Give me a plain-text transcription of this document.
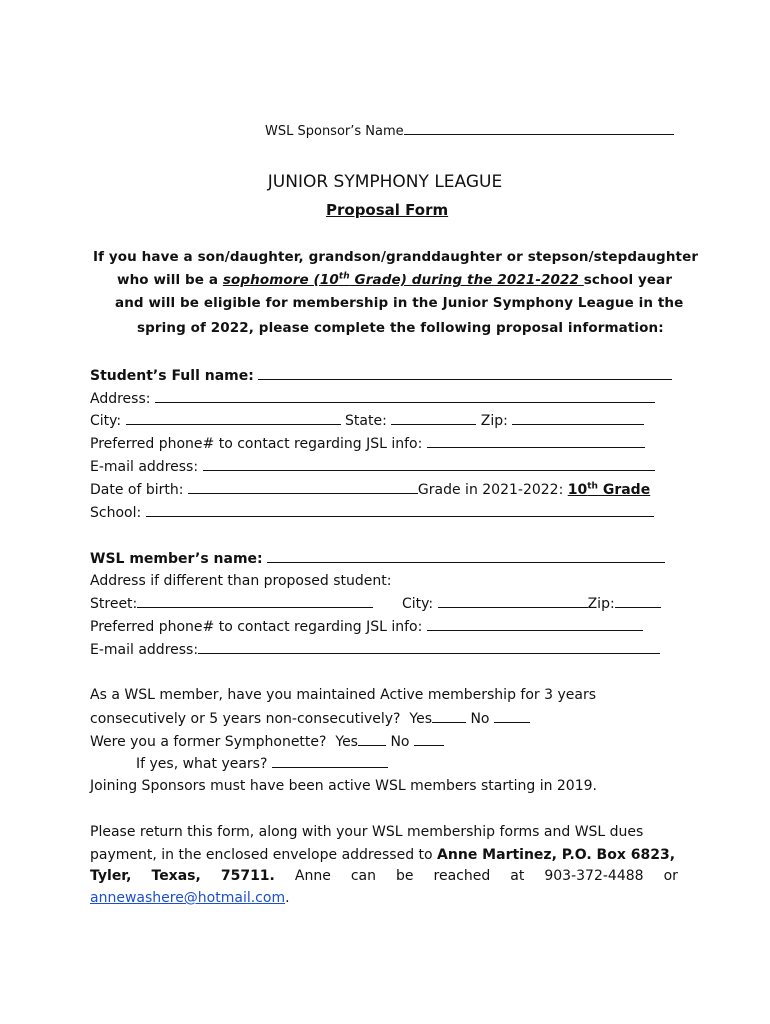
WSL Sponsor’s Name
JUNIOR SYMPHONY LEAGUE
Proposal Form
If you have a son/daughter, grandson/granddaughter or stepson/stepdaughter
who will be a sophomore (10th Grade) during the 2021-2022 school year
and will be eligible for membership in the Junior Symphony League in the
spring of 2022, please complete the following proposal information:
Student’s Full name:
Address:
City:	State:	Zip:
Preferred phone# to contact regarding JSL info:
E-mail address:
Date of birth:	Grade in 2021-2022: 10th Grade
School:
WSL member’s name:
Address if different than proposed student:
Street:	City:	Zip:
Preferred phone# to contact regarding JSL info:
E-mail address:
As a WSL member, have you maintained Active membership for 3 years
consecutively or 5 years non-consecutively? Yes	No
Were you a former Symphonette? Yes No
If yes, what years?
Joining Sponsors must have been active WSL members starting in 2019.
Please return this form, along with your WSL membership forms and WSL dues
payment, in the enclosed envelope addressed to Anne Martinez, P.O. Box 6823,
Tyler, Texas, 75711. Anne can be reached at 903-372-4488 or
annewashere@hotmail.com.
